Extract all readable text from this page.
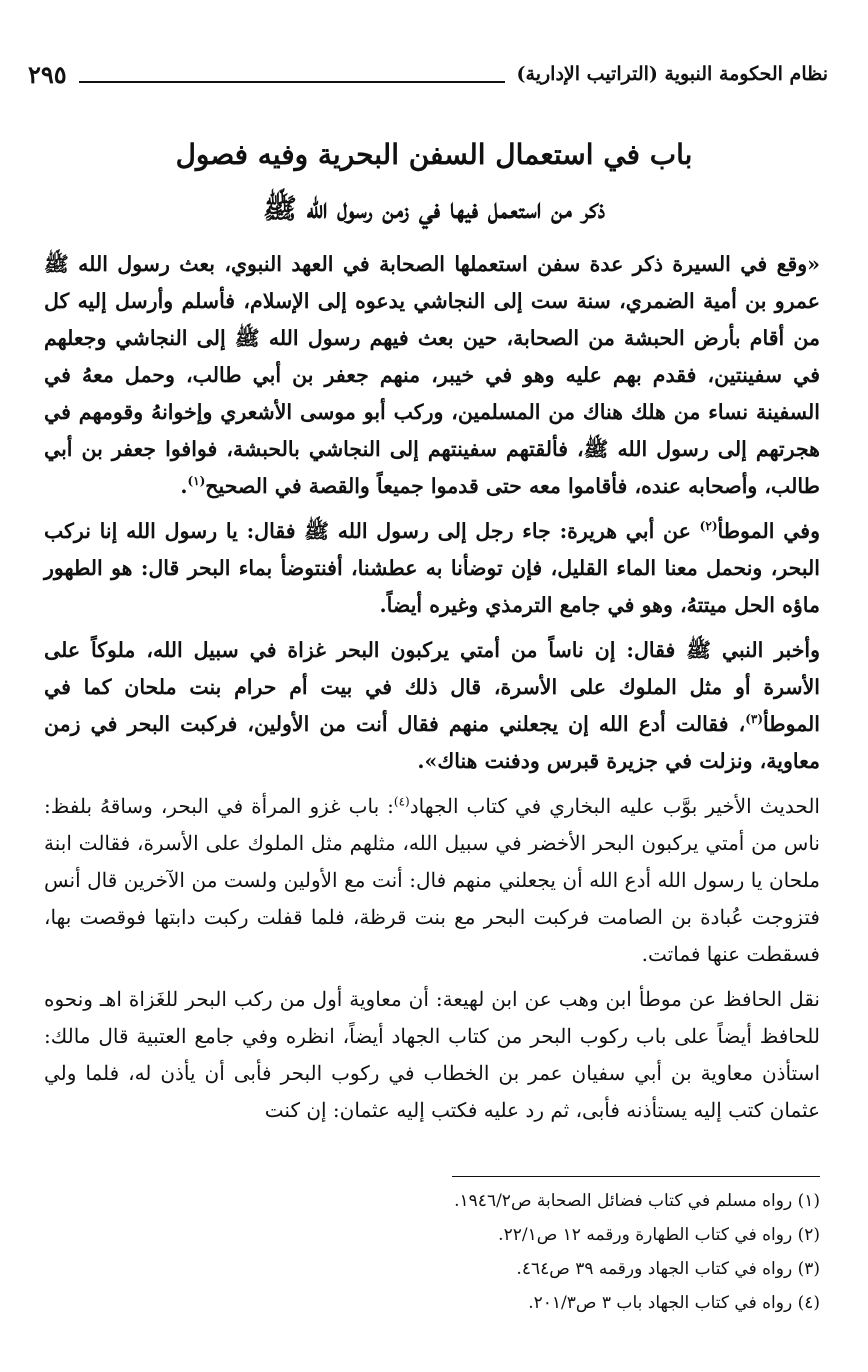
نظام الحكومة النبوية (التراتيب الإدارية)
٢٩٥
باب في استعمال السفن البحرية وفيه فصول
ذكر من استعمل فيها في زمن رسول الله ﷺ

«وقع في السيرة ذكر عدة سفن استعملها الصحابة في العهد النبوي، بعث رسول الله ﷺ عمرو بن أمية الضمري، سنة ست إلى النجاشي يدعوه إلى الإسلام، فأسلم وأرسل إليه كل من أقام بأرض الحبشة من الصحابة، حين بعث فيهم رسول الله ﷺ إلى النجاشي وجعلهم في سفينتين، فقدم بهم عليه وهو في خيبر، منهم جعفر بن أبي طالب، وحمل معهُ في السفينة نساء من هلك هناك من المسلمين، وركب أبو موسى الأشعري وإخوانهُ وقومهم في هجرتهم إلى رسول الله ﷺ، فألقتهم سفينتهم إلى النجاشي بالحبشة، فوافوا جعفر بن أبي طالب، وأصحابه عنده، فأقاموا معه حتى قدموا جميعاً والقصة في الصحيح$^{(١)}$.

وفي الموطأ$^{(٢)}$ عن أبي هريرة: جاء رجل إلى رسول الله ﷺ فقال: يا رسول الله إنا نركب البحر، ونحمل معنا الماء القليل، فإن توضأنا به عطشنا، أفنتوضأ بماء البحر قال: هو الطهور ماؤه الحل ميتتهُ، وهو في جامع الترمذي وغيره أيضاً.

وأخبر النبي ﷺ فقال: إن ناساً من أمتي يركبون البحر غزاة في سبيل الله، ملوكاً على الأسرة أو مثل الملوك على الأسرة، قال ذلك في بيت أم حرام بنت ملحان كما في الموطأ$^{(٣)}$، فقالت أدع الله إن يجعلني منهم فقال أنت من الأولين، فركبت البحر في زمن معاوية، ونزلت في جزيرة قبرس ودفنت هناك».

الحديث الأخير بوَّب عليه البخاري في كتاب الجهاد$^{(٤)}$: باب غزو المرأة في البحر، وساقهُ بلفظ: ناس من أمتي يركبون البحر الأخضر في سبيل الله، مثلهم مثل الملوك على الأسرة، فقالت ابنة ملحان يا رسول الله أدع الله أن يجعلني منهم فال: أنت مع الأولين ولست من الآخرين قال أنس فتزوجت عُبادة بن الصامت فركبت البحر مع بنت قرظة، فلما قفلت ركبت دابتها فوقصت بها، فسقطت عنها فماتت.

نقل الحافظ عن موطأ ابن وهب عن ابن لهيعة: أن معاوية أول من ركب البحر للغَزاة اهـ ونحوه للحافظ أيضاً على باب ركوب البحر من كتاب الجهاد أيضاً، انظره وفي جامع العتبية قال مالك: استأذن معاوية بن أبي سفيان عمر بن الخطاب في ركوب البحر فأبى أن يأذن له، فلما ولي عثمان كتب إليه يستأذنه فأبى، ثم رد عليه فكتب إليه عثمان: إن كنت

(١) رواه مسلم في كتاب فضائل الصحابة ص١٩٤٦/٢.
(٢) رواه في كتاب الطهارة ورقمه ١٢ ص٢٢/١.
(٣) رواه في كتاب الجهاد ورقمه ٣٩ ص٤٦٤.
(٤) رواه في كتاب الجهاد باب ٣ ص٢٠١/٣.
